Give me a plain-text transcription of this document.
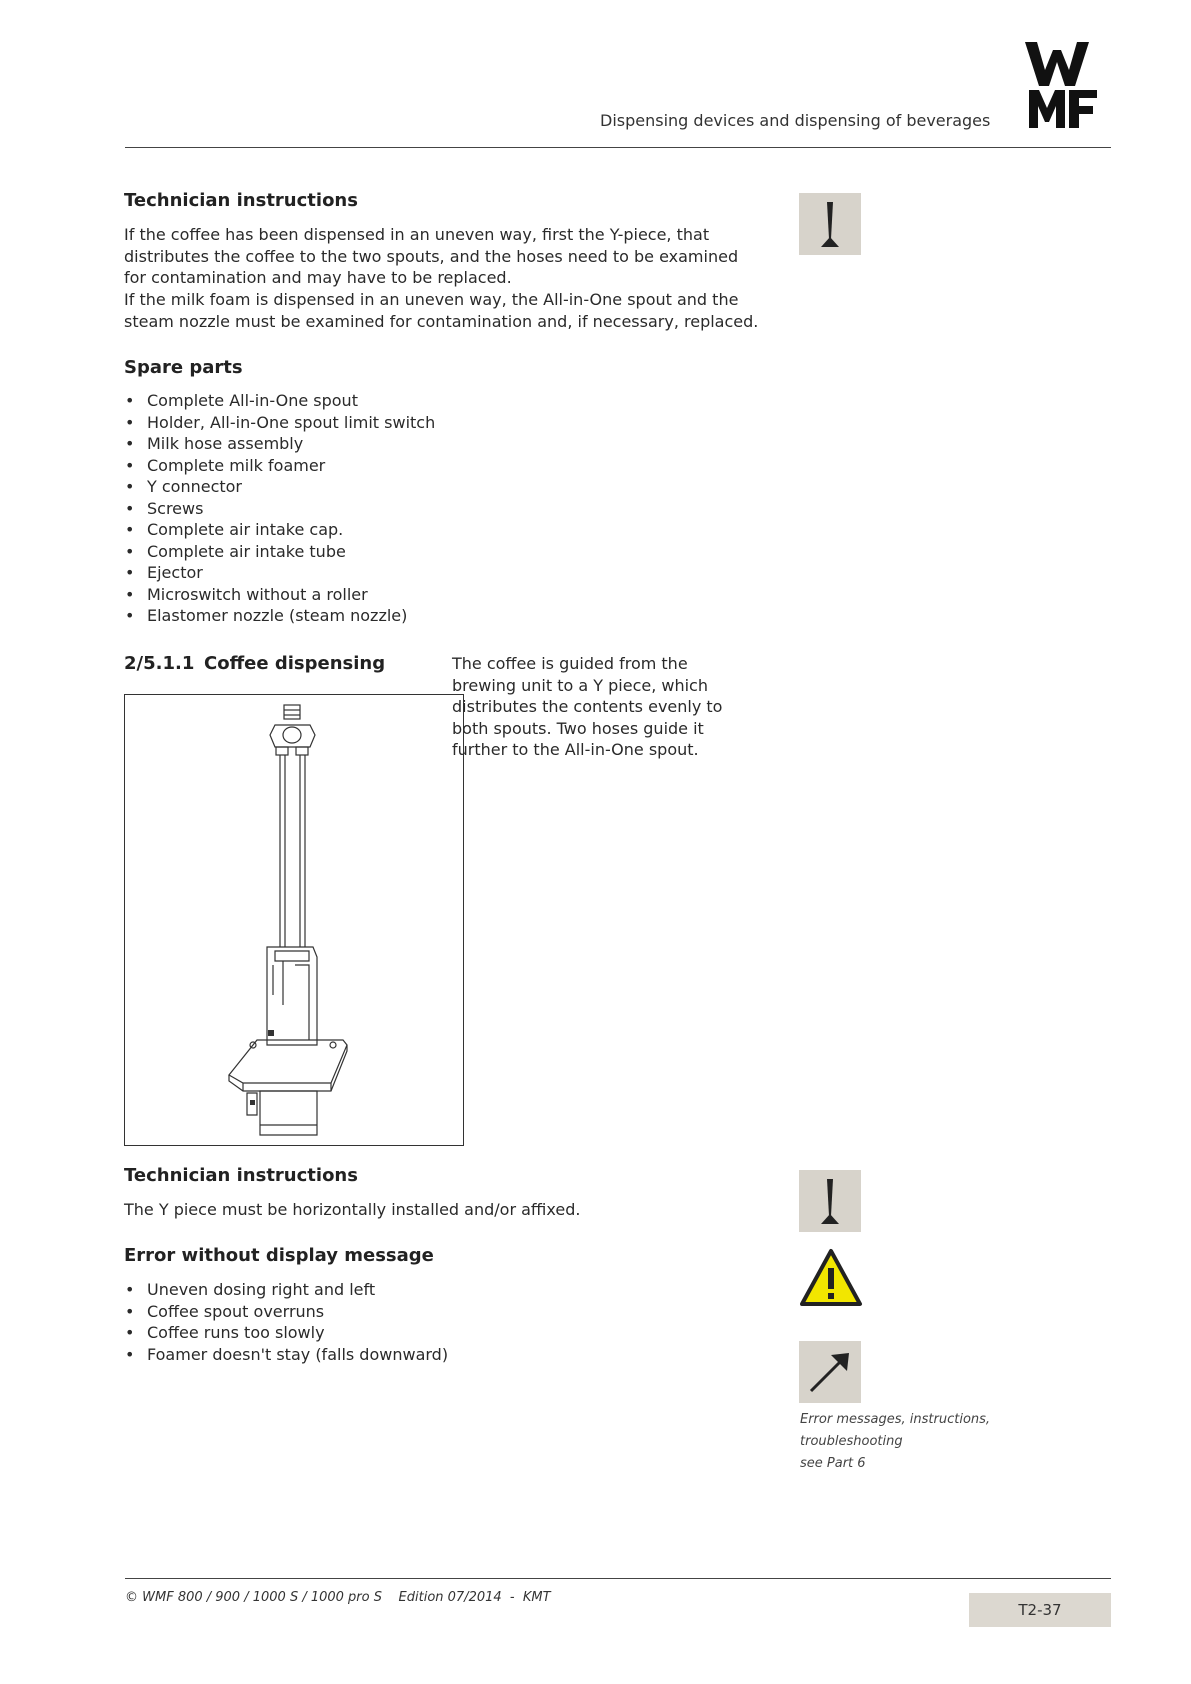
Dispensing devices and dispensing of beverages
Technician instructions

If the coffee has been dispensed in an uneven way, first the Y-piece, that distributes the coffee to the two spouts, and the hoses need to be examined for contamination and may have to be replaced.

If the milk foam is dispensed in an uneven way, the All-in-One spout and the steam nozzle must be examined for contamination and, if necessary, replaced.

Spare parts
• Complete All-in-One spout
• Holder, All-in-One spout limit switch
• Milk hose assembly
• Complete milk foamer
• Y connector
• Screws
• Complete air intake cap.
• Complete air intake tube
• Ejector
• Microswitch without a roller
• Elastomer nozzle (steam nozzle)
2/5.1.1 Coffee dispensing	The coffee is guided from the brewing unit to a Y piece, which distributes the contents evenly to both spouts. Two hoses guide it further to the All-in-One spout.

Technician instructions

The Y piece must be horizontally installed and/or affixed.

Error without display message
• Uneven dosing right and left
• Coffee spout overruns
• Coffee runs too slowly
• Foamer doesn't stay (falls downward)
Error messages, instructions, troubleshooting
see Part 6
© WMF 800 / 900 / 1000 S / 1000 pro S Edition 07/2014 - KMT
T2-37
